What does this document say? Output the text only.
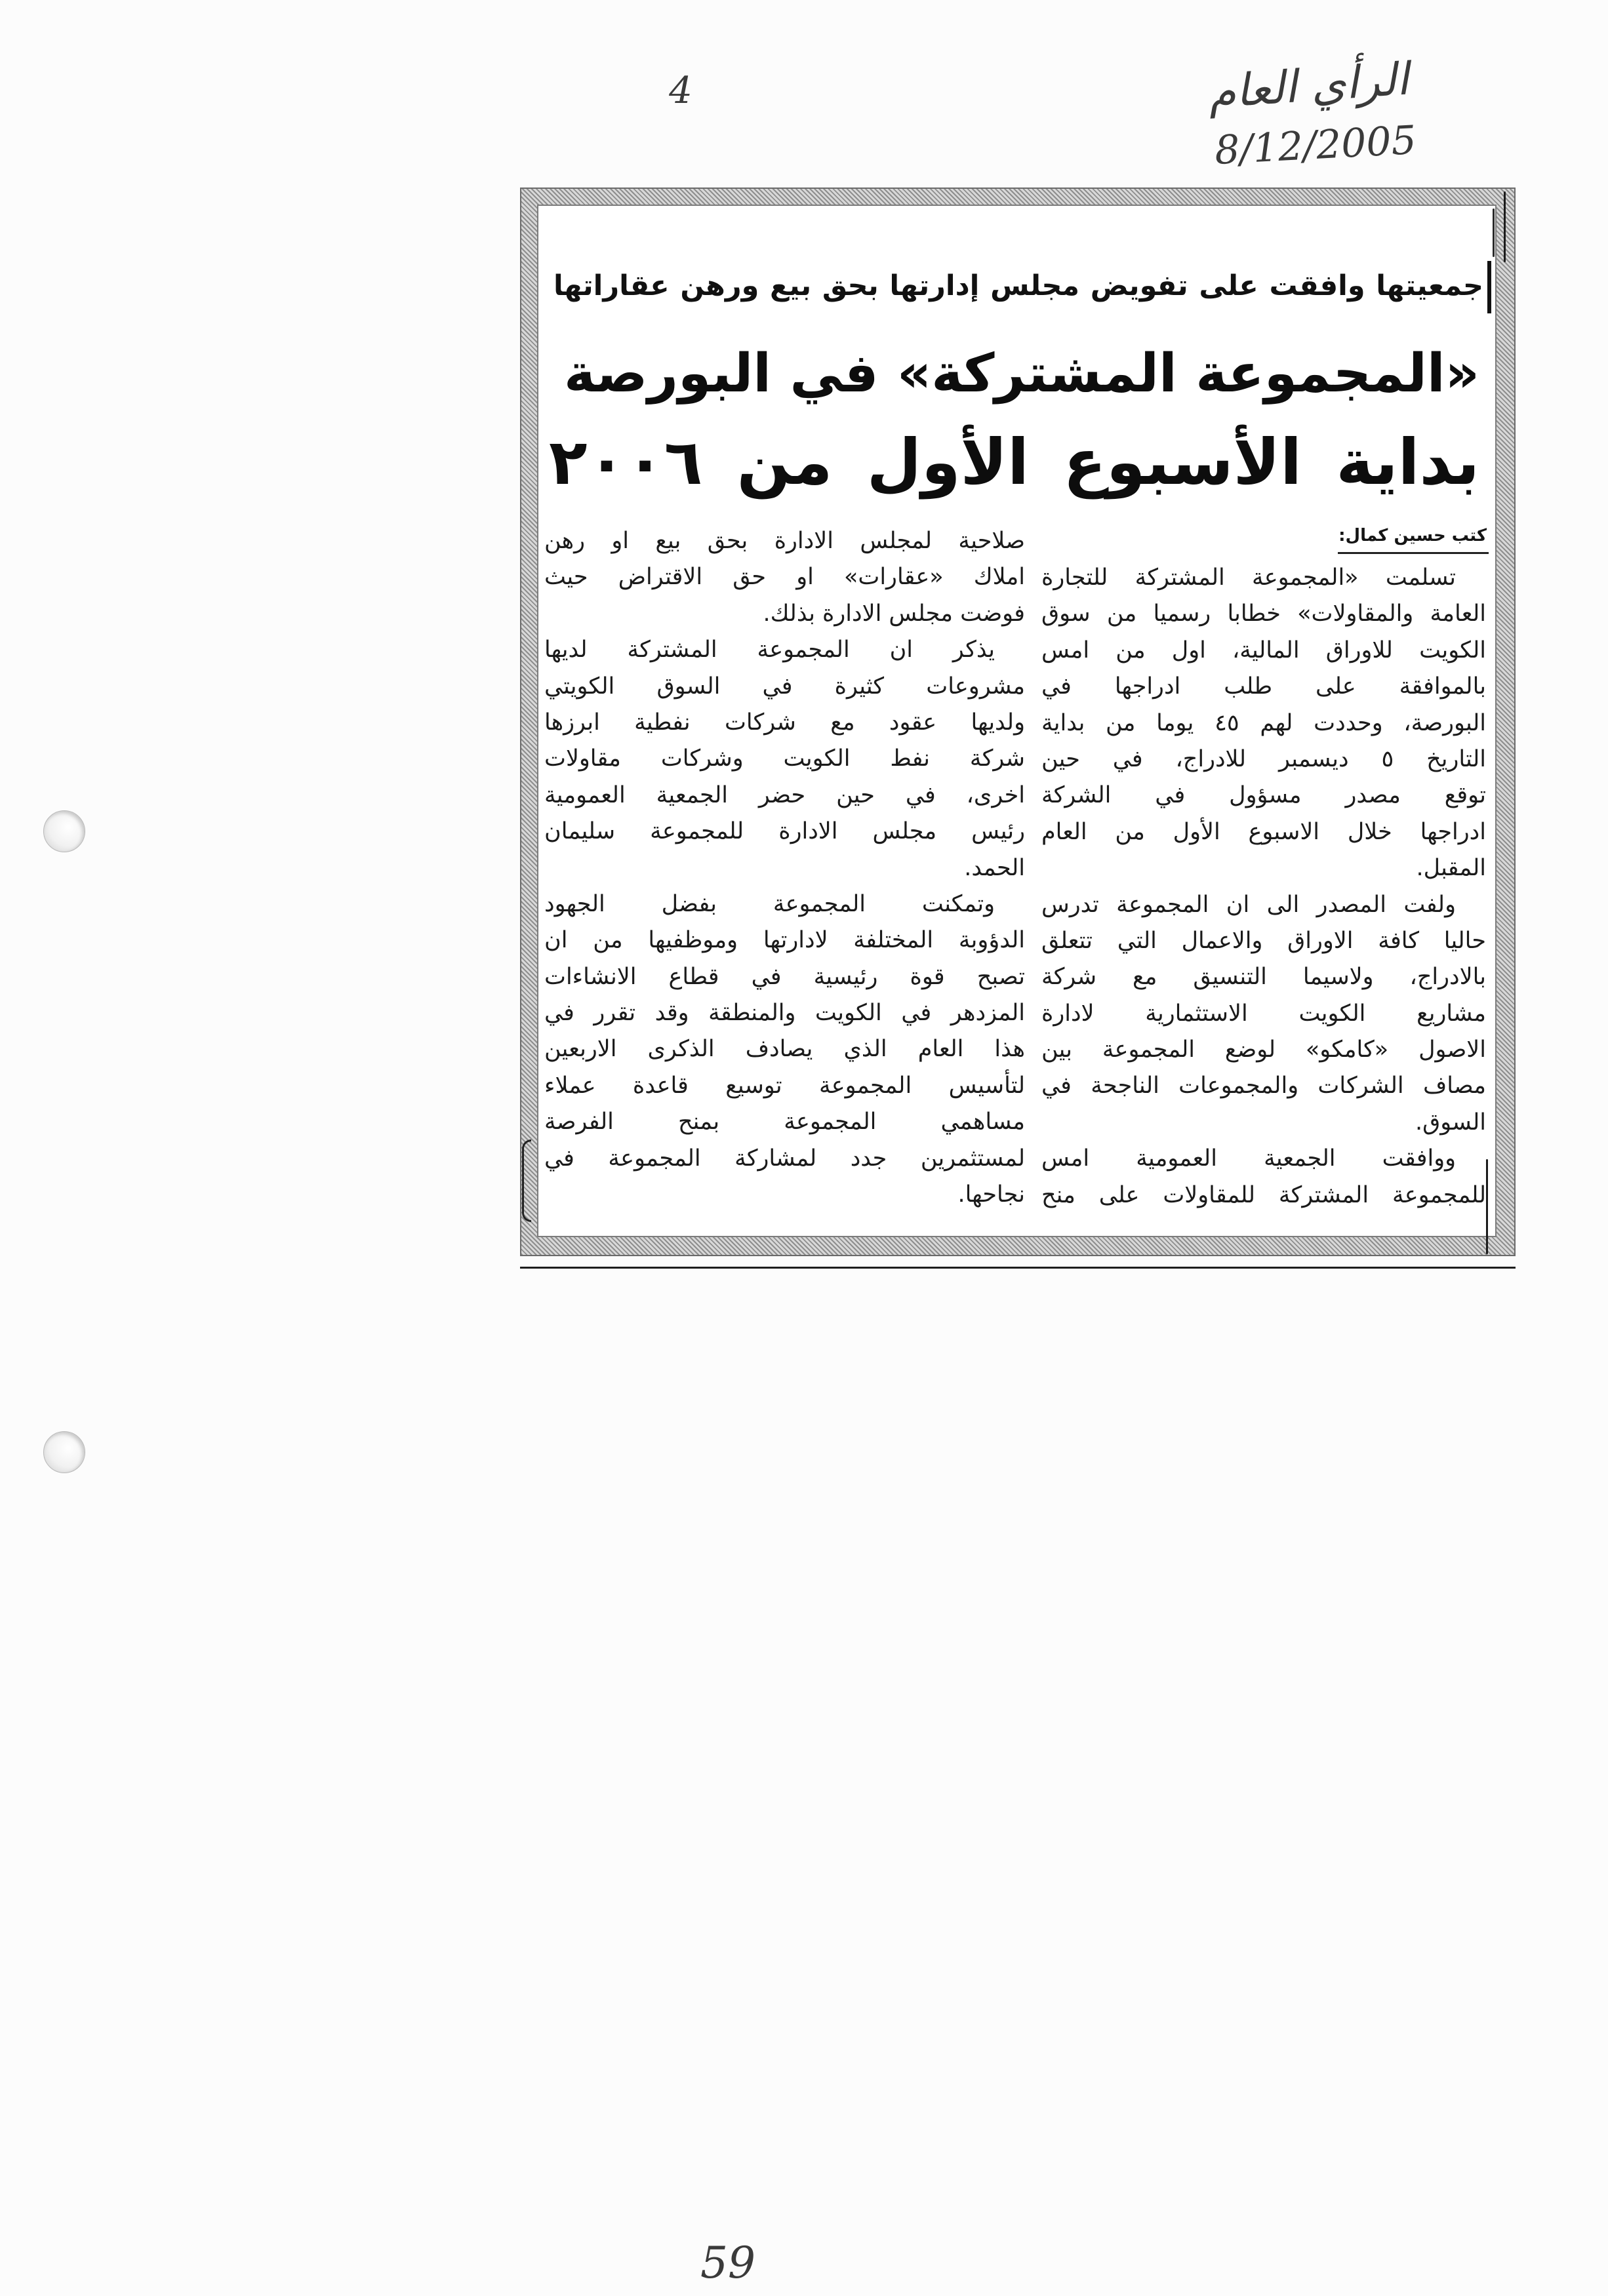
الرأي العام
8/12/2005
4
59
جمعيتها وافقت على تفويض مجلس إدارتها بحق بيع ورهن عقاراتها
«المجموعة المشتركة» في البورصة
بداية الأسبوع الأول من ٢٠٠٦
كتب حسين كمال:
تسلمت «المجموعة المشتركة للتجارة
العامة والمقاولات» خطابا رسميا من سوق
الكويت للاوراق المالية، اول من امس
بالموافقة على طلب ادراجها في
البورصة، وحددت لهم ٤٥ يوما من بداية
التاريخ ٥ ديسمبر للادراج، في حين
توقع مصدر مسؤول في الشركة
ادراجها خلال الاسبوع الأول من العام
المقبل.
ولفت المصدر الى ان المجموعة تدرس
حاليا كافة الاوراق والاعمال التي تتعلق
بالادراج، ولاسيما التنسيق مع شركة
مشاريع الكويت الاستثمارية لادارة
الاصول «كامكو» لوضع المجموعة بين
مصاف الشركات والمجموعات الناجحة في
السوق.
ووافقت الجمعية العمومية امس
للمجموعة المشتركة للمقاولات على منح
صلاحية لمجلس الادارة بحق بيع او رهن
املاك «عقارات» او حق الاقتراض حيث
فوضت مجلس الادارة بذلك.
يذكر ان المجموعة المشتركة لديها
مشروعات كثيرة في السوق الكويتي
ولديها عقود مع شركات نفطية ابرزها
شركة نفط الكويت وشركات مقاولات
اخرى، في حين حضر الجمعية العمومية
رئيس مجلس الادارة للمجموعة سليمان
الحمد.
وتمكنت المجموعة بفضل الجهود
الدؤوبة المختلفة لادارتها وموظفيها من ان
تصبح قوة رئيسية في قطاع الانشاءات
المزدهر في الكويت والمنطقة وقد تقرر في
هذا العام الذي يصادف الذكرى الاربعين
لتأسيس المجموعة توسيع قاعدة عملاء
مساهمي المجموعة بمنح الفرصة
لمستثمرين جدد لمشاركة المجموعة في
نجاحها.
